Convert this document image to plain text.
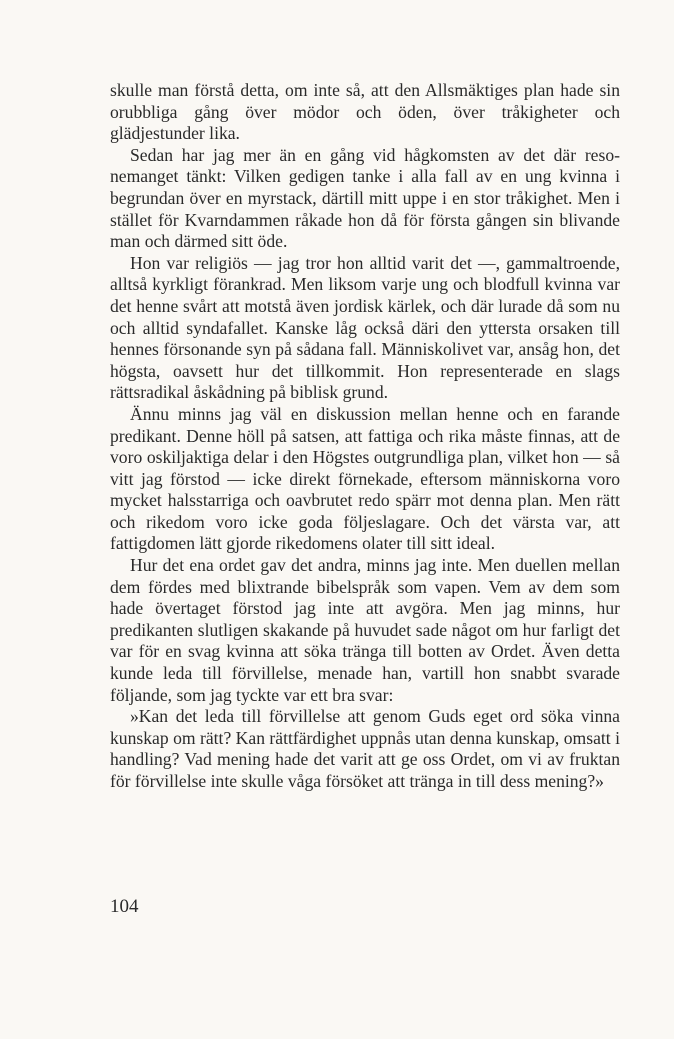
skulle man förstå detta, om inte så, att den Allsmäktiges plan hade sin orubbliga gång över mödor och öden, över tråkigheter och glädjestunder lika.

Sedan har jag mer än en gång vid hågkomsten av det där resonemanget tänkt: Vilken gedigen tanke i alla fall av en ung kvinna i begrundan över en myrstack, därtill mitt uppe i en stor tråkighet. Men i stället för Kvarndammen råkade hon då för första gången sin blivande man och därmed sitt öde.

Hon var religiös — jag tror hon alltid varit det —, gammaltroende, alltså kyrkligt förankrad. Men liksom varje ung och blodfull kvinna var det henne svårt att motstå även jordisk kärlek, och där lurade då som nu och alltid syndafallet. Kanske låg också däri den yttersta orsaken till hennes försonande syn på sådana fall. Människolivet var, ansåg hon, det högsta, oavsett hur det tillkommit. Hon representerade en slags rättsradikal åskådning på biblisk grund.

Ännu minns jag väl en diskussion mellan henne och en farande predikant. Denne höll på satsen, att fattiga och rika måste finnas, att de voro oskiljaktiga delar i den Högstes outgrundliga plan, vilket hon — så vitt jag förstod — icke direkt förnekade, eftersom människorna voro mycket halsstarriga och oavbrutet redo spärr mot denna plan. Men rätt och rikedom voro icke goda följeslagare. Och det värsta var, att fattigdomen lätt gjorde rikedomens olater till sitt ideal.

Hur det ena ordet gav det andra, minns jag inte. Men duellen mellan dem fördes med blixtrande bibelspråk som vapen. Vem av dem som hade övertaget förstod jag inte att avgöra. Men jag minns, hur predikanten slutligen skakande på huvudet sade något om hur farligt det var för en svag kvinna att söka tränga till botten av Ordet. Även detta kunde leda till förvillelse, menade han, vartill hon snabbt svarade följande, som jag tyckte var ett bra svar:

»Kan det leda till förvillelse att genom Guds eget ord söka vinna kunskap om rätt? Kan rättfärdighet uppnås utan denna kunskap, omsatt i handling? Vad mening hade det varit att ge oss Ordet, om vi av fruktan för förvillelse inte skulle våga försöket att tränga in till dess mening?»

104
